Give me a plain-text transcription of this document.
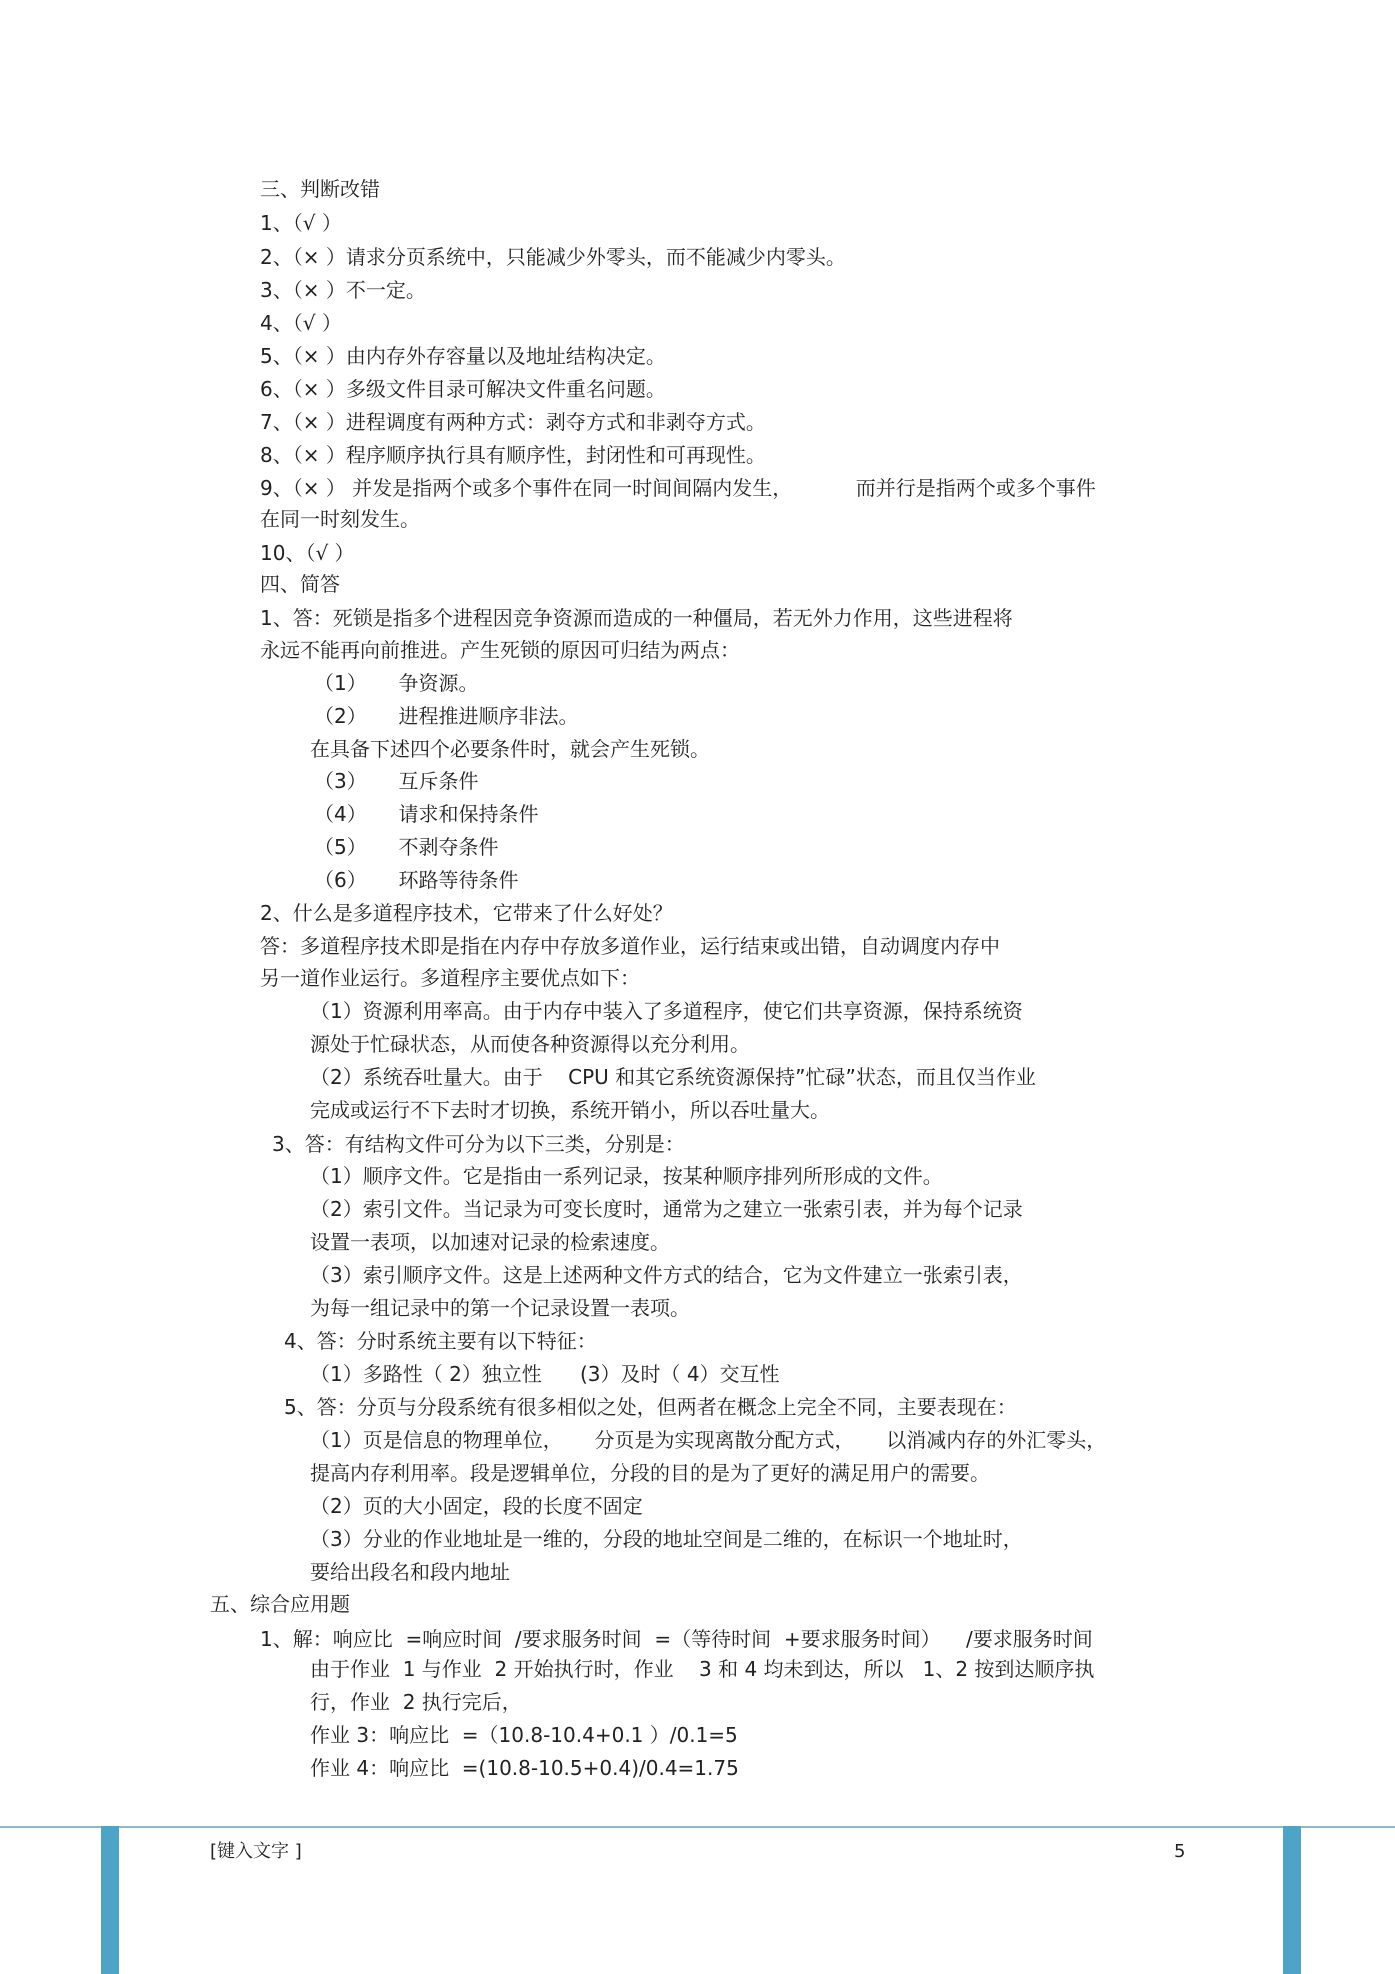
三、判断改错
1、（√ ）
2、（× ）请求分页系统中，只能减少外零头，而不能减少内零头。
3、（× ）不一定。
4、（√ ）
5、（× ）由内存外存容量以及地址结构决定。
6、（× ）多级文件目录可解决文件重名问题。
7、（× ）进程调度有两种方式：剥夺方式和非剥夺方式。
8、（× ）程序顺序执行具有顺序性，封闭性和可再现性。
9、（× ） 并发是指两个或多个事件在同一时间间隔内发生，          而并行是指两个或多个事件
在同一时刻发生。
10、（√ ）
四、简答
1、答：死锁是指多个进程因竞争资源而造成的一种僵局，若无外力作用，这些进程将
永远不能再向前推进。产生死锁的原因可归结为两点：
（1）     争资源。
（2）     进程推进顺序非法。
在具备下述四个必要条件时，就会产生死锁。
（3）     互斥条件
（4）     请求和保持条件
（5）     不剥夺条件
（6）     环路等待条件
2、什么是多道程序技术，它带来了什么好处？
答：多道程序技术即是指在内存中存放多道作业，运行结束或出错，自动调度内存中
另一道作业运行。多道程序主要优点如下：
（1）资源利用率高。由于内存中装入了多道程序，使它们共享资源，保持系统资
源处于忙碌状态，从而使各种资源得以充分利用。
（2）系统吞吐量大。由于    CPU 和其它系统资源保持”忙碌”状态，而且仅当作业
完成或运行不下去时才切换，系统开销小，所以吞吐量大。
3、答：有结构文件可分为以下三类，分别是：
（1）顺序文件。它是指由一系列记录，按某种顺序排列所形成的文件。
（2）索引文件。当记录为可变长度时，通常为之建立一张索引表，并为每个记录
设置一表项，以加速对记录的检索速度。
（3）索引顺序文件。这是上述两种文件方式的结合，它为文件建立一张索引表，
为每一组记录中的第一个记录设置一表项。
4、答：分时系统主要有以下特征：
（1）多路性（ 2）独立性      (3）及时（ 4）交互性
5、答：分页与分段系统有很多相似之处，但两者在概念上完全不同，主要表现在：
（1）页是信息的物理单位，     分页是为实现离散分配方式，     以消减内存的外汇零头，
提高内存利用率。段是逻辑单位，分段的目的是为了更好的满足用户的需要。
（2）页的大小固定，段的长度不固定
（3）分业的作业地址是一维的，分段的地址空间是二维的，在标识一个地址时，
要给出段名和段内地址
五、综合应用题
1、解：响应比  =响应时间  /要求服务时间  =（等待时间  +要求服务时间）    /要求服务时间
由于作业  1 与作业  2 开始执行时，作业    3 和 4 均未到达，所以   1、2 按到达顺序执
行，作业  2 执行完后，
作业 3：响应比  =（10.8-10.4+0.1 ）/0.1=5
作业 4：响应比  =(10.8-10.5+0.4)/0.4=1.75
[键入文字 ]	5
